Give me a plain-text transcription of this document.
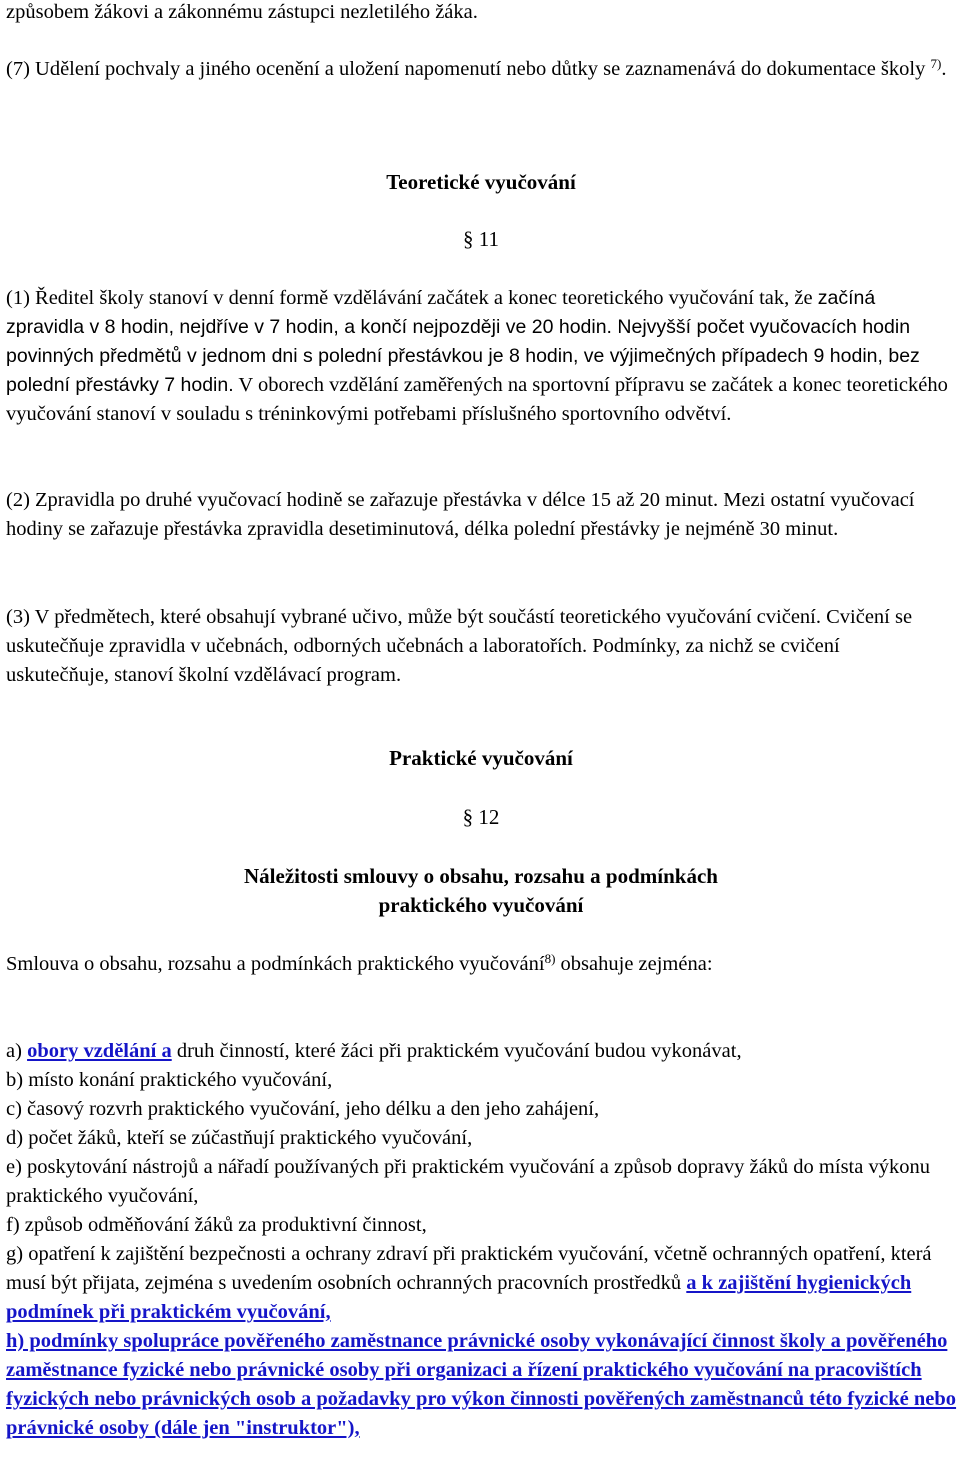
způsobem žákovi a zákonnému zástupci nezletilého žáka.

(7) Udělení pochvaly a jiného ocenění a uložení napomenutí nebo důtky se zaznamenává do dokumentace školy $^{7)}$.

Teoretické vyučování
§ 11

(1) Ředitel školy stanoví v denní formě vzdělávání začátek a konec teoretického vyučování tak, že začíná zpravidla v 8 hodin, nejdříve v 7 hodin, a končí nejpozději ve 20 hodin. Nejvyšší počet vyučovacích hodin povinných předmětů v jednom dni s polední přestávkou je 8 hodin, ve výjimečných případech 9 hodin, bez polední přestávky 7 hodin. V oborech vzdělání zaměřených na sportovní přípravu se začátek a konec teoretického vyučování stanoví v souladu s tréninkovými potřebami příslušného sportovního odvětví.

(2) Zpravidla po druhé vyučovací hodině se zařazuje přestávka v délce 15 až 20 minut. Mezi ostatní vyučovací hodiny se zařazuje přestávka zpravidla desetiminutová, délka polední přestávky je nejméně 30 minut.

(3) V předmětech, které obsahují vybrané učivo, může být součástí teoretického vyučování cvičení. Cvičení se uskutečňuje zpravidla v učebnách, odborných učebnách a laboratořích. Podmínky, za nichž se cvičení uskutečňuje, stanoví školní vzdělávací program.

Praktické vyučování
§ 12
Náležitosti smlouvy o obsahu, rozsahu a podmínkách
praktického vyučování

Smlouva o obsahu, rozsahu a podmínkách praktického vyučování$^{8)}$ obsahuje zejména:

a) obory vzdělání a druh činností, které žáci při praktickém vyučování budou vykonávat,

b) místo konání praktického vyučování,

c) časový rozvrh praktického vyučování, jeho délku a den jeho zahájení,

d) počet žáků, kteří se zúčastňují praktického vyučování,

e) poskytování nástrojů a nářadí používaných při praktickém vyučování a způsob dopravy žáků do místa výkonu praktického vyučování,

f) způsob odměňování žáků za produktivní činnost,

g) opatření k zajištění bezpečnosti a ochrany zdraví při praktickém vyučování, včetně ochranných opatření, která musí být přijata, zejména s uvedením osobních ochranných pracovních prostředků a k zajištění hygienických podmínek při praktickém vyučování,

h) podmínky spolupráce pověřeného zaměstnance právnické osoby vykonávající činnost školy a pověřeného zaměstnance fyzické nebo právnické osoby při organizaci a řízení praktického vyučování na pracovištích fyzických nebo právnických osob a požadavky pro výkon činnosti pověřených zaměstnanců této fyzické nebo právnické osoby (dále jen "instruktor"),
